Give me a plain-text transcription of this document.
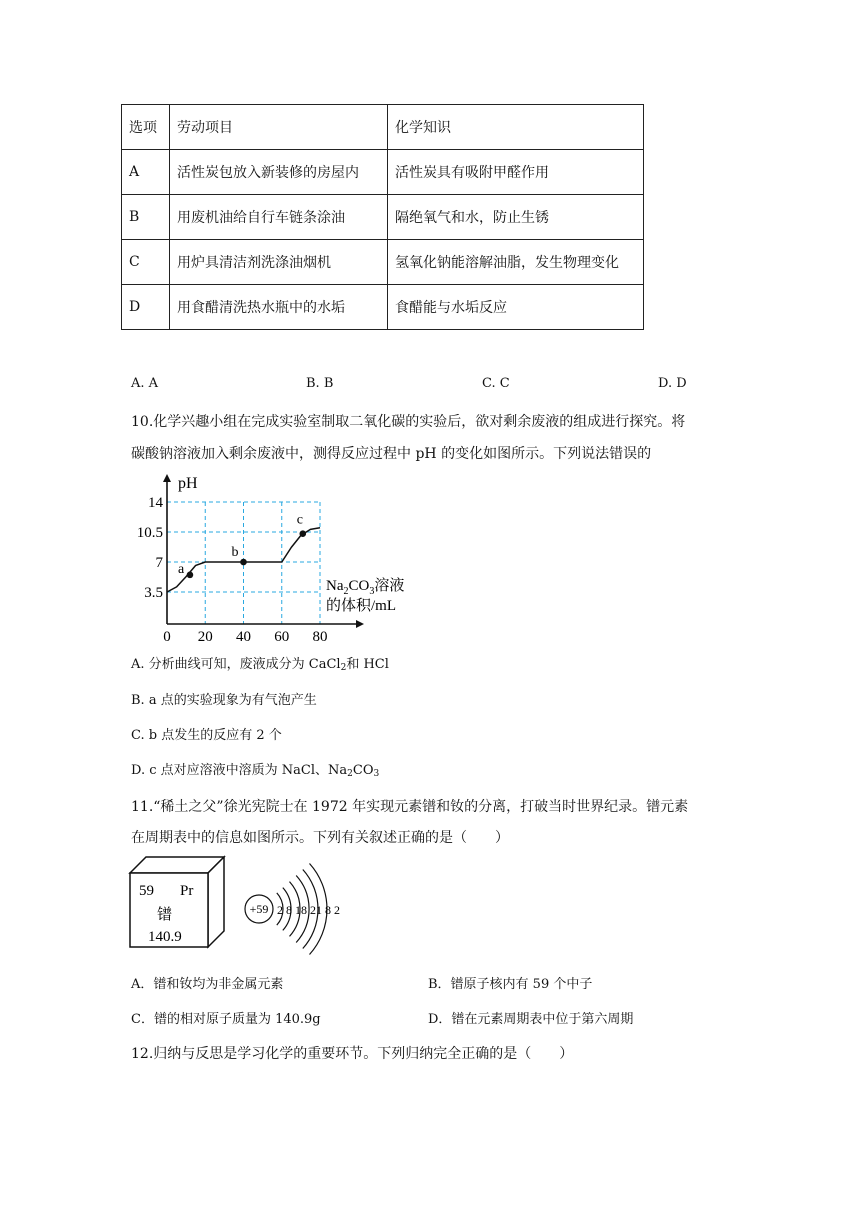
选项	劳动项目	化学知识
A	活性炭包放入新装修的房屋内	活性炭具有吸附甲醛作用
B	用废机油给自行车链条涂油	隔绝氧气和水，防止生锈
C	用炉具清洁剂洗涤油烟机	氢氧化钠能溶解油脂，发生物理变化
D	用食醋清洗热水瓶中的水垢	食醋能与水垢反应
A. A	B. B	C. C	D. D
10.化学兴趣小组在完成实验室制取二氧化碳的实验后，欲对剩余废液的组成进行探究。将
碳酸钠溶液加入剩余废液中，测得反应过程中 pH 的变化如图所示。下列说法错误的
a
b
c
0 20 40 60 80
3.5
7
10.5
14
pH
$Na_2CO_3$溶液
的体积/mL
A. 分析曲线可知，废液成分为 CaCl$_2$和 HCl
B. a 点的实验现象为有气泡产生
C. b 点发生的反应有 2 个
D. c 点对应溶液中溶质为 NaCl、$Na_2CO_3$
11.“稀土之父”徐光宪院士在 1972 年实现元素镨和钕的分离，打破当时世界纪录。镨元素
在周期表中的信息如图所示。下列有关叙述正确的是（　　）
59 Pr
镨
140.9
+59 2 8 18 21 8 2
A．镨和钕均为非金属元素	B．镨原子核内有 59 个中子
C．镨的相对原子质量为 140.9g	D．镨在元素周期表中位于第六周期
12.归纳与反思是学习化学的重要环节。下列归纳完全正确的是（　　）
